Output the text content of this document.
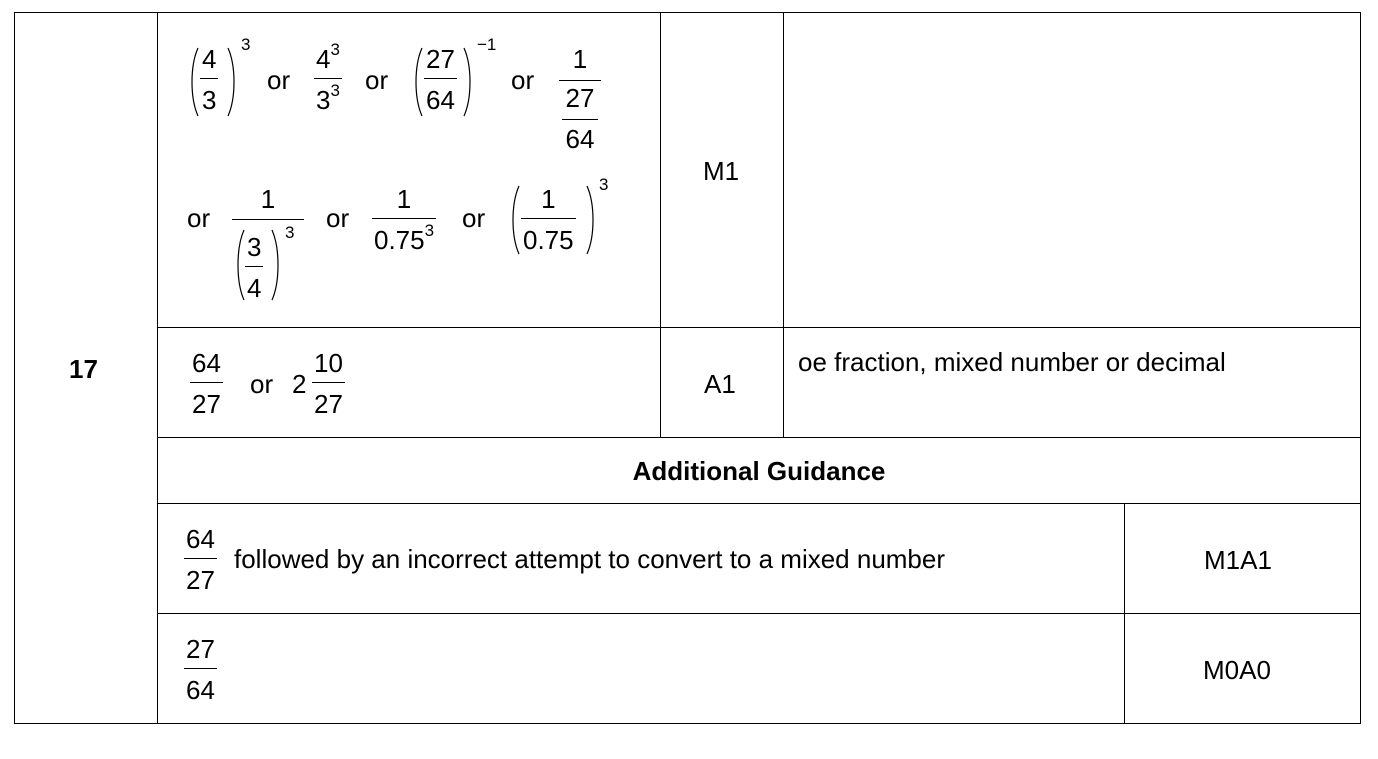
17
4
3
3
or
$4^3$
$3^3$ or
27
64
−1
or
1
27
64
or
1
3
4
3 or
1
0.75$^3$ or
1
0.75
3	M1
64
27
or 2
10
27
A1
oe fraction, mixed number or decimal
Additional Guidance
64
27
followed by an incorrect attempt to convert to a mixed number	M1A1
27
64
M0A0
